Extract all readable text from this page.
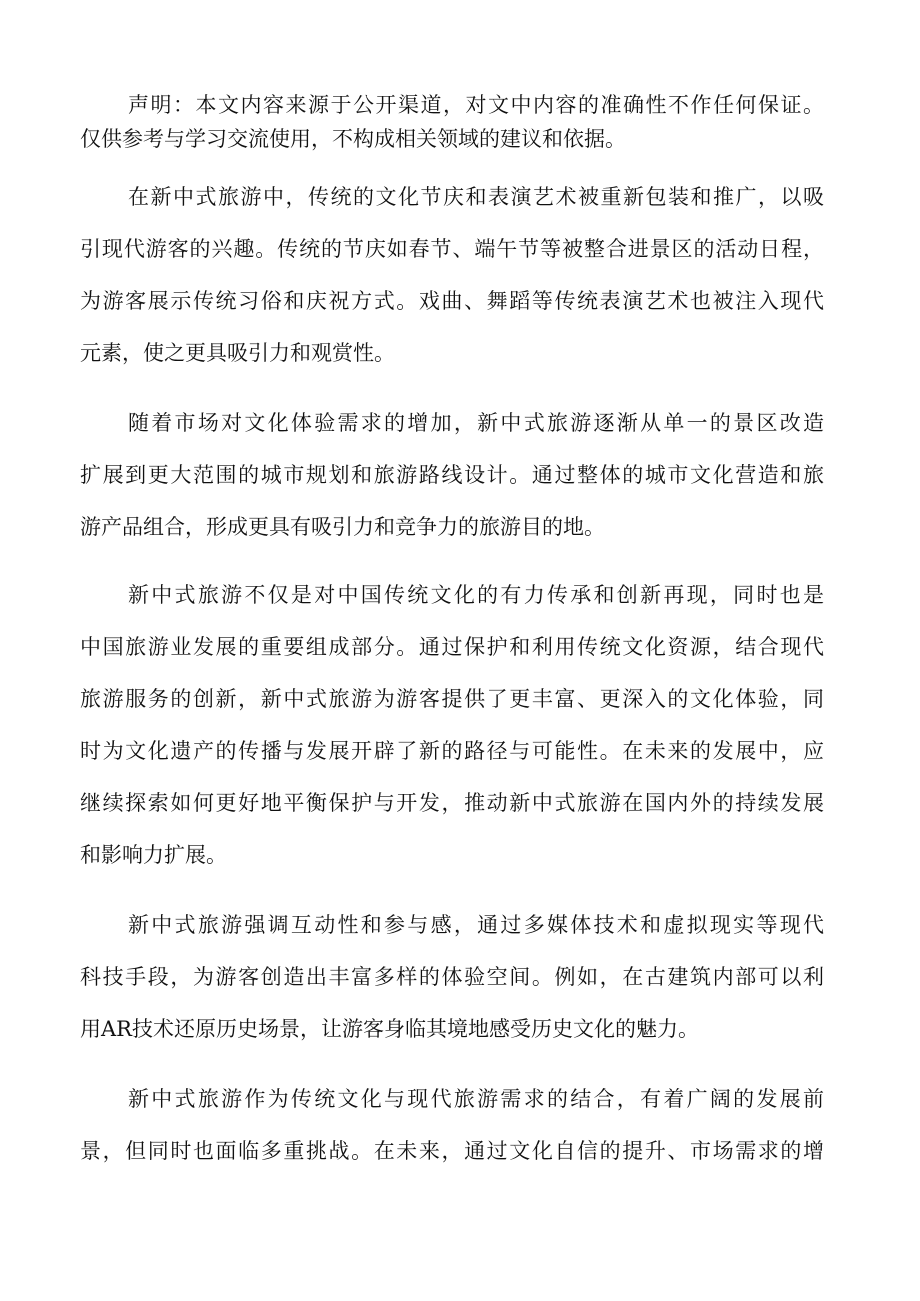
声明：本文内容来源于公开渠道，对文中内容的准确性不作任何保证。
仅供参考与学习交流使用，不构成相关领域的建议和依据。
在新中式旅游中，传统的文化节庆和表演艺术被重新包装和推广，以吸
引现代游客的兴趣。传统的节庆如春节、端午节等被整合进景区的活动日程，
为游客展示传统习俗和庆祝方式。戏曲、舞蹈等传统表演艺术也被注入现代
元素，使之更具吸引力和观赏性。
随着市场对文化体验需求的增加，新中式旅游逐渐从单一的景区改造
扩展到更大范围的城市规划和旅游路线设计。通过整体的城市文化营造和旅
游产品组合，形成更具有吸引力和竞争力的旅游目的地。
新中式旅游不仅是对中国传统文化的有力传承和创新再现，同时也是
中国旅游业发展的重要组成部分。通过保护和利用传统文化资源，结合现代
旅游服务的创新，新中式旅游为游客提供了更丰富、更深入的文化体验，同
时为文化遗产的传播与发展开辟了新的路径与可能性。在未来的发展中，应
继续探索如何更好地平衡保护与开发，推动新中式旅游在国内外的持续发展
和影响力扩展。
新中式旅游强调互动性和参与感，通过多媒体技术和虚拟现实等现代
科技手段，为游客创造出丰富多样的体验空间。例如，在古建筑内部可以利
用AR技术还原历史场景，让游客身临其境地感受历史文化的魅力。
新中式旅游作为传统文化与现代旅游需求的结合，有着广阔的发展前
景，但同时也面临多重挑战。在未来，通过文化自信的提升、市场需求的增
